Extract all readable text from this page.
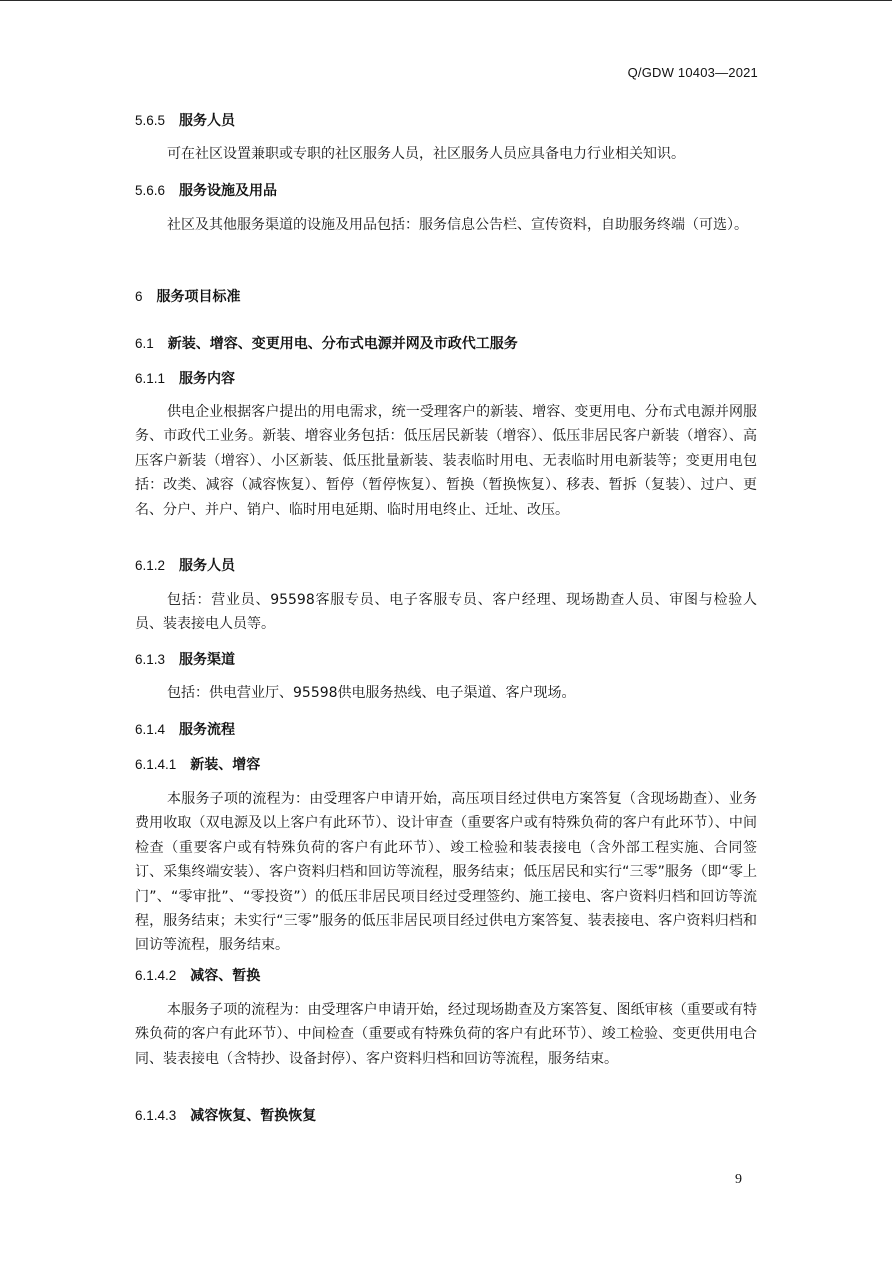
Q/GDW 10403—2021
5.6.5 服务人员

可在社区设置兼职或专职的社区服务人员，社区服务人员应具备电力行业相关知识。

5.6.6 服务设施及用品

社区及其他服务渠道的设施及用品包括：服务信息公告栏、宣传资料，自助服务终端（可选）。

6 服务项目标准
6.1 新装、增容、变更用电、分布式电源并网及市政代工服务
6.1.1 服务内容

供电企业根据客户提出的用电需求，统一受理客户的新装、增容、变更用电、分布式电源并网服务、市政代工业务。新装、增容业务包括：低压居民新装（增容）、低压非居民客户新装（增容）、高压客户新装（增容）、小区新装、低压批量新装、装表临时用电、无表临时用电新装等；变更用电包括：改类、减容（减容恢复）、暂停（暂停恢复）、暂换（暂换恢复）、移表、暂拆（复装）、过户、更名、分户、并户、销户、临时用电延期、临时用电终止、迁址、改压。

6.1.2 服务人员

包括：营业员、95598客服专员、电子客服专员、客户经理、现场勘查人员、审图与检验人员、装表接电人员等。

6.1.3 服务渠道

包括：供电营业厅、95598供电服务热线、电子渠道、客户现场。

6.1.4 服务流程
6.1.4.1 新装、增容

本服务子项的流程为：由受理客户申请开始，高压项目经过供电方案答复（含现场勘查）、业务费用收取（双电源及以上客户有此环节）、设计审查（重要客户或有特殊负荷的客户有此环节）、中间检查（重要客户或有特殊负荷的客户有此环节）、竣工检验和装表接电（含外部工程实施、合同签订、采集终端安装）、客户资料归档和回访等流程，服务结束；低压居民和实行“三零”服务（即“零上门”、“零审批”、“零投资”）的低压非居民项目经过受理签约、施工接电、客户资料归档和回访等流程，服务结束；未实行“三零”服务的低压非居民项目经过供电方案答复、装表接电、客户资料归档和回访等流程，服务结束。

6.1.4.2 减容、暂换

本服务子项的流程为：由受理客户申请开始，经过现场勘查及方案答复、图纸审核（重要或有特殊负荷的客户有此环节）、中间检查（重要或有特殊负荷的客户有此环节）、竣工检验、变更供用电合同、装表接电（含特抄、设备封停）、客户资料归档和回访等流程，服务结束。

6.1.4.3 减容恢复、暂换恢复
9
